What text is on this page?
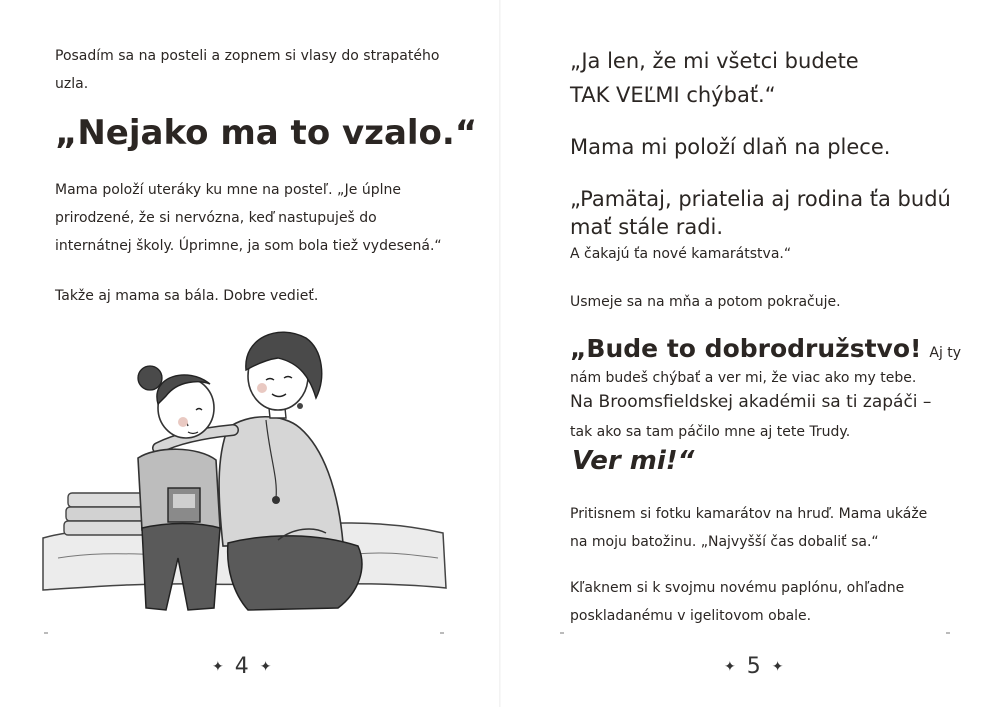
Posadím sa na posteli a zopnem si vlasy do strapatého

uzla.

„Nejako ma to vzalo.“

Mama položí uteráky ku mne na posteľ. „Je úplne

prirodzené, že si nervózna, keď nastupuješ do

internátnej školy. Úprimne, ja som bola tiež vydesená.“

Takže aj mama sa bála. Dobre vedieť.

✦ 4 ✦

„Ja len, že mi všetci budete

TAK VEĽMI chýbať.“

Mama mi položí dlaň na plece.

„Pamätaj, priatelia aj rodina ťa budú

mať stále radi.

A čakajú ťa nové kamarátstva.“

Usmeje sa na mňa a potom pokračuje.

„Bude to dobrodružstvo! Aj ty

nám budeš chýbať a ver mi, že viac ako my tebe.

Na Broomsfieldskej akadémii sa ti zapáči –

tak ako sa tam páčilo mne aj tete Trudy.

Ver mi!“

Pritisnem si fotku kamarátov na hruď. Mama ukáže

na moju batožinu. „Najvyšší čas dobaliť sa.“

Kľaknem si k svojmu novému paplónu, ohľadne

poskladanému v igelitovom obale.

✦ 5 ✦
